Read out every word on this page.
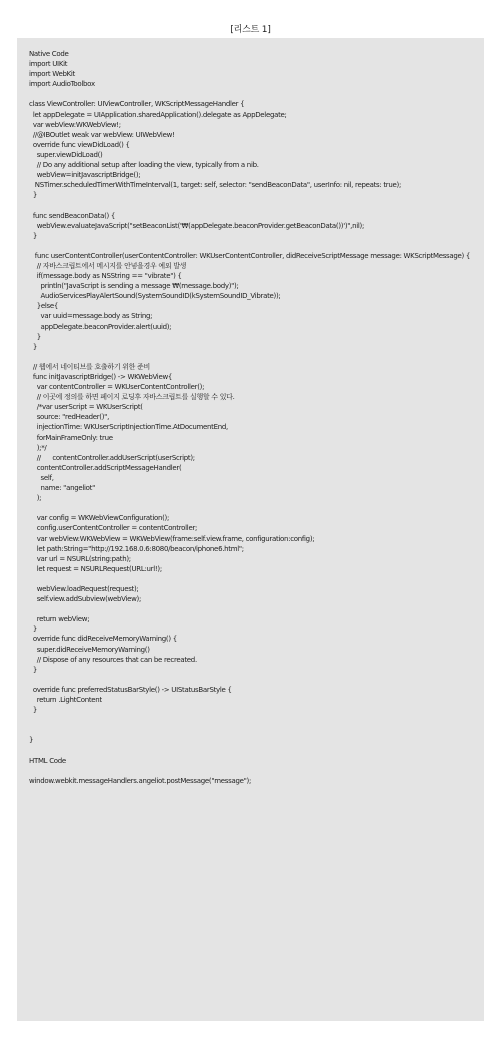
[리스트 1]
Native Code
import UIKit
import WebKit
import AudioToolbox
class ViewController: UIViewController, WKScriptMessageHandler {
let appDelegate = UIApplication.sharedApplication().delegate as AppDelegate;
var webView:WKWebView!;
//@IBOutlet weak var webView: UIWebView!
override func viewDidLoad() {
super.viewDidLoad()
// Do any additional setup after loading the view, typically from a nib.
webView=initJavascriptBridge();
NSTimer.scheduledTimerWithTimeInterval(1, target: self, selector: "sendBeaconData", userInfo: nil, repeats: true);
}
func sendBeaconData() {
webView.evaluateJavaScript("setBeaconList('₩(appDelegate.beaconProvider.getBeaconData())')",nil);
}
func userContentController(userContentController: WKUserContentController, didReceiveScriptMessage message: WKScriptMessage) {
// 자바스크립트에서 메시지를 안넣을경우 예외 발생
if(message.body as NSString == "vibrate") {
println("JavaScript is sending a message ₩(message.body)");
AudioServicesPlayAlertSound(SystemSoundID(kSystemSoundID_Vibrate));
}else{
var uuid=message.body as String;
appDelegate.beaconProvider.alert(uuid);
}
}
// 웹에서 네이티브를 호출하기 위한 준비
func initJavascriptBridge() -> WKWebView{
var contentController = WKUserContentController();
// 이곳에 정의를 하면 페이지 로딩후 자바스크립트를 실행할 수 있다.
/*var userScript = WKUserScript(
source: "redHeader()",
injectionTime: WKUserScriptInjectionTime.AtDocumentEnd,
forMainFrameOnly: true
);*/
//      contentController.addUserScript(userScript);
contentController.addScriptMessageHandler(
self,
name: "angeliot"
);
var config = WKWebViewConfiguration();
config.userContentController = contentController;
var webView:WKWebView = WKWebView(frame:self.view.frame, configuration:config);
let path:String="http://192.168.0.6:8080/beacon/iphone6.html";
var url = NSURL(string:path);
let request = NSURLRequest(URL:url!);
webView.loadRequest(request);
self.view.addSubview(webView);
return webView;
}
override func didReceiveMemoryWarning() {
super.didReceiveMemoryWarning()
// Dispose of any resources that can be recreated.
}
override func preferredStatusBarStyle() -> UIStatusBarStyle {
return .LightContent
}
}
HTML Code
window.webkit.messageHandlers.angeliot.postMessage("message");
